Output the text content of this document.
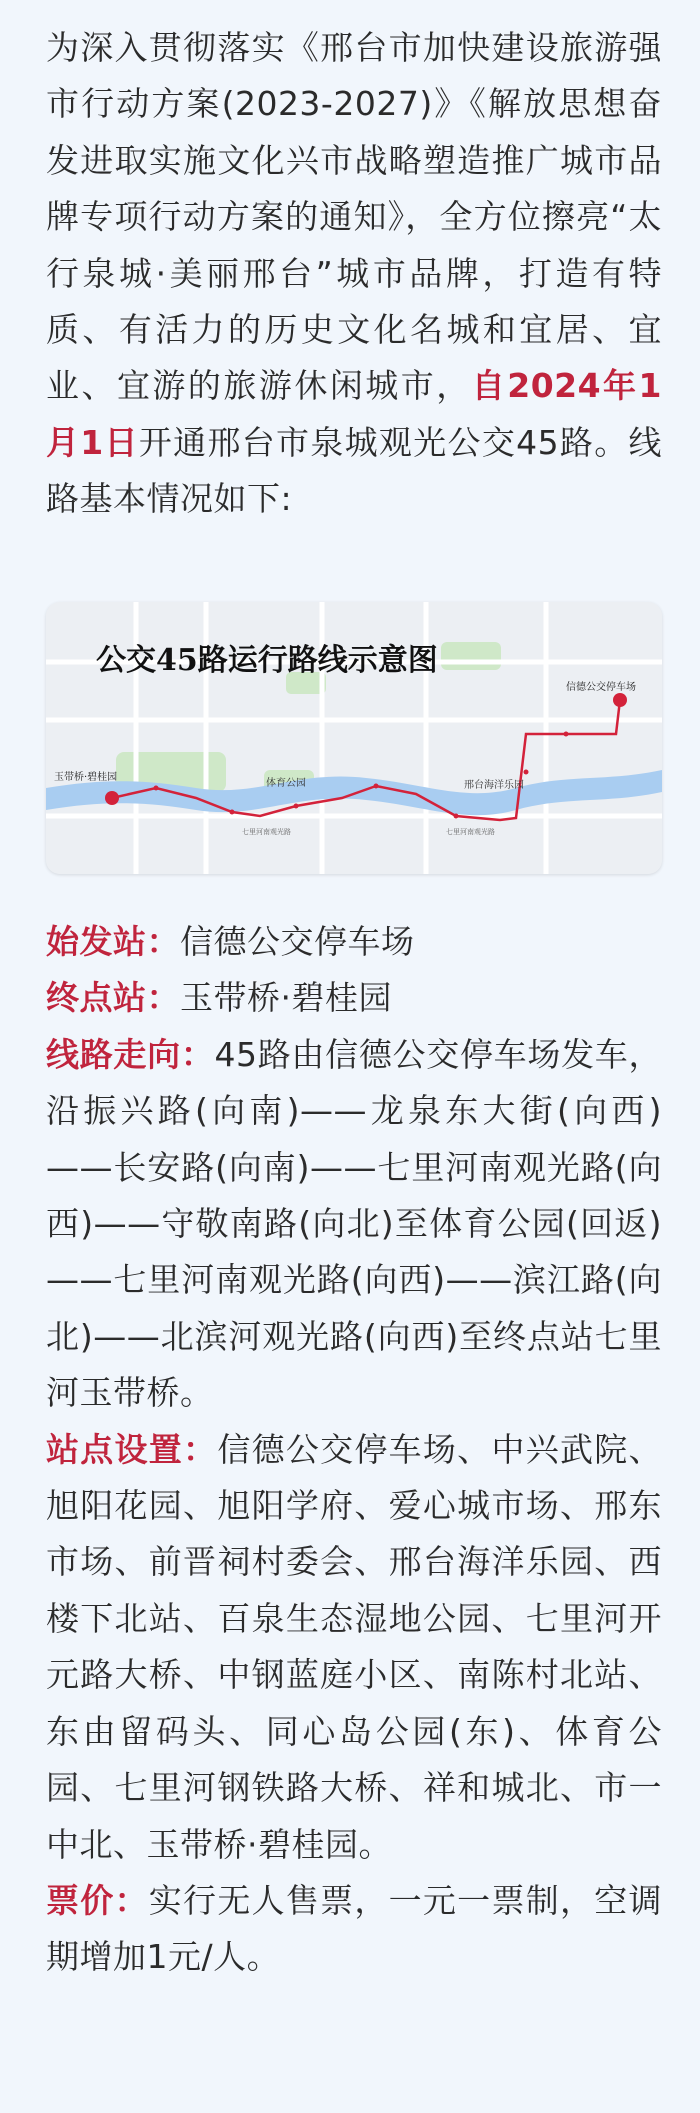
为深入贯彻落实《邢台市加快建设旅游强市行动方案(2023-2027)》《解放思想奋发进取实施文化兴市战略塑造推广城市品牌专项行动方案的通知》，全方位擦亮“太行泉城·美丽邢台”城市品牌，打造有特质、有活力的历史文化名城和宜居、宜业、宜游的旅游休闲城市，自2024年1月1日开通邢台市泉城观光公交45路。线路基本情况如下:
公交45路运行路线示意图
信德公交停车场
玉带桥·碧桂园
体育公园	邢台海洋乐园
七里河南观光路	七里河南观光路

始发站：信德公交停车场

终点站：玉带桥·碧桂园

线路走向：45路由信德公交停车场发车，沿振兴路(向南)——龙泉东大街(向西)——长安路(向南)——七里河南观光路(向西)——守敬南路(向北)至体育公园(回返)——七里河南观光路(向西)——滨江路(向北)——北滨河观光路(向西)至终点站七里河玉带桥。

站点设置：信德公交停车场、中兴武院、旭阳花园、旭阳学府、爱心城市场、邢东市场、前晋祠村委会、邢台海洋乐园、西楼下北站、百泉生态湿地公园、七里河开元路大桥、中钢蓝庭小区、南陈村北站、东由留码头、同心岛公园(东)、体育公园、七里河钢铁路大桥、祥和城北、市一中北、玉带桥·碧桂园。

票价：实行无人售票，一元一票制，空调期增加1元/人。
